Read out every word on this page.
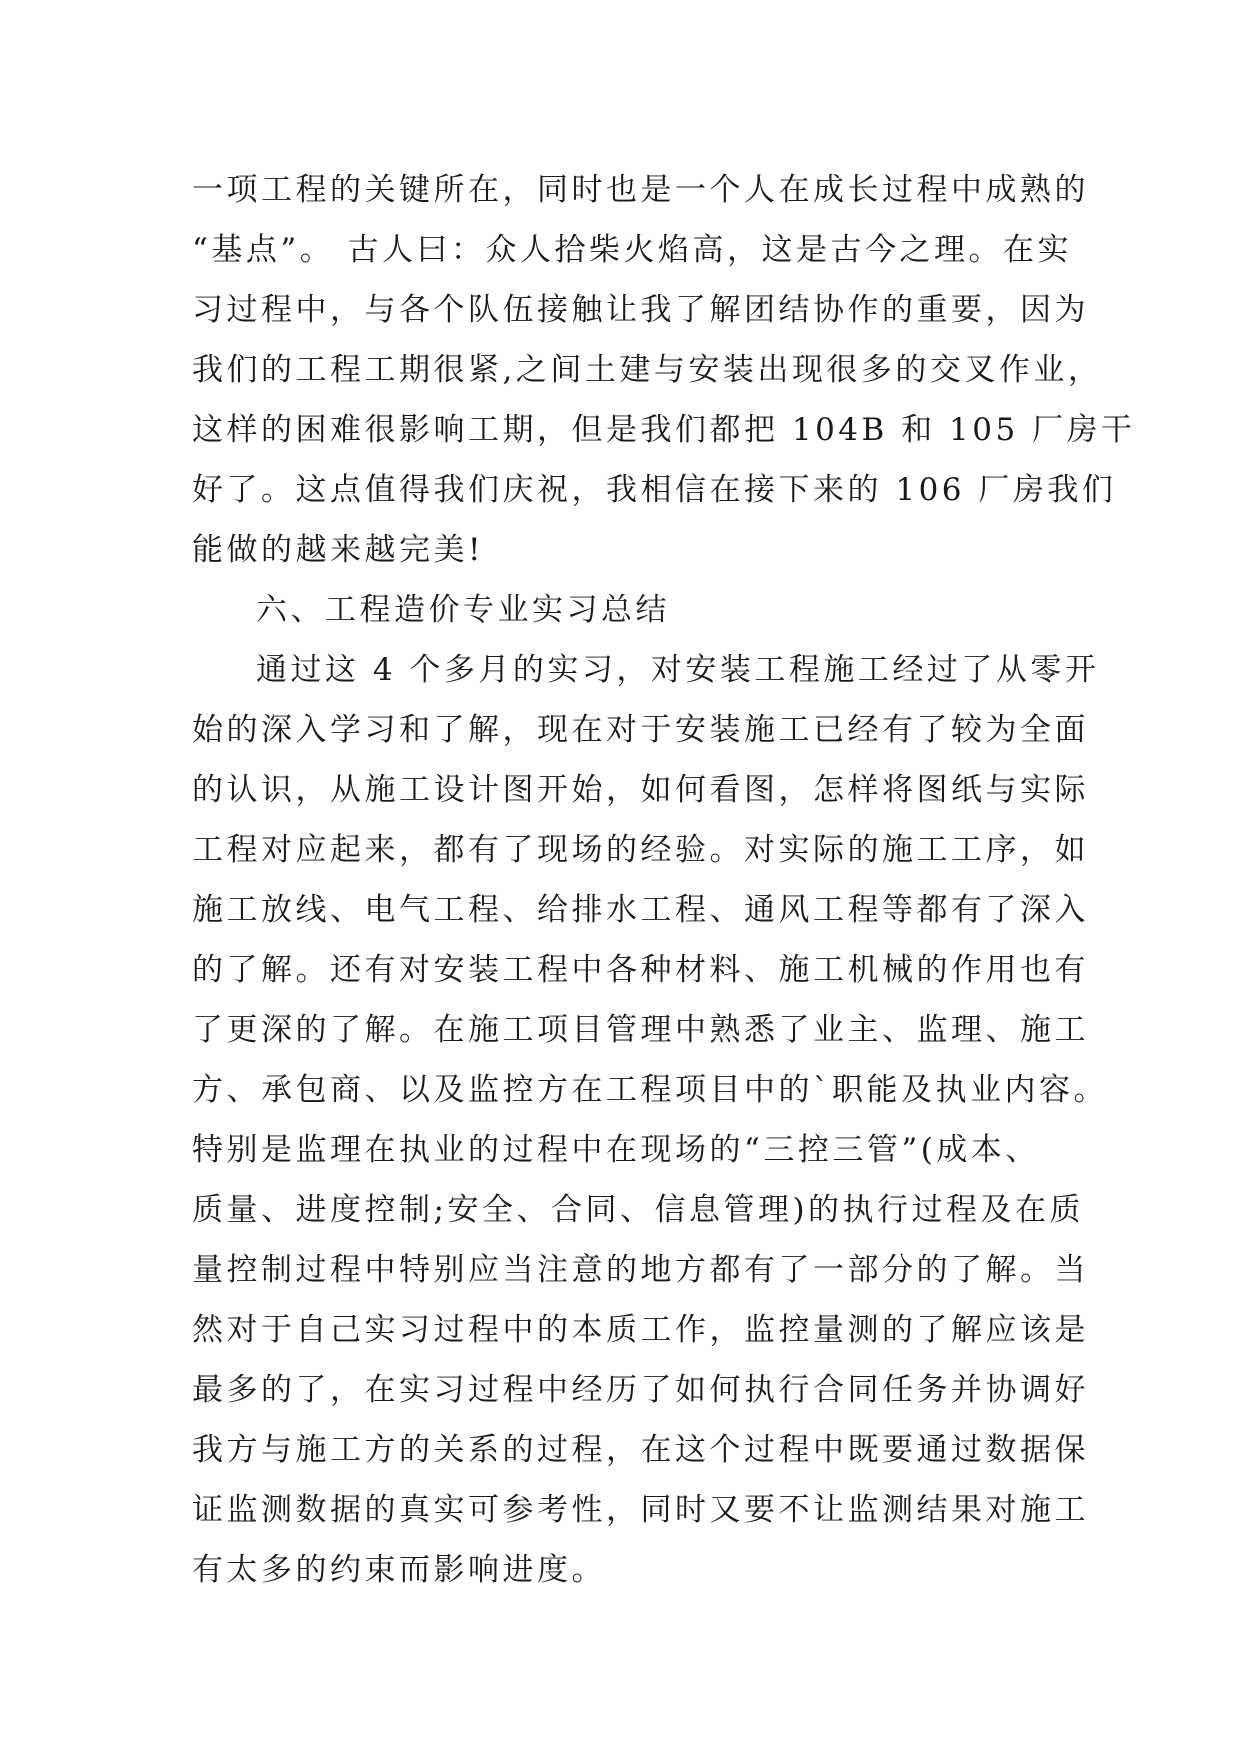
一项工程的关键所在，同时也是一个人在成长过程中成熟的
“基点”。 古人曰：众人拾柴火焰高，这是古今之理。在实
习过程中，与各个队伍接触让我了解团结协作的重要，因为
我们的工程工期很紧,之间土建与安装出现很多的交叉作业，
这样的困难很影响工期，但是我们都把 104B 和 105 厂房干
好了。这点值得我们庆祝，我相信在接下来的 106 厂房我们
能做的越来越完美!
六、工程造价专业实习总结
通过这 4 个多月的实习，对安装工程施工经过了从零开
始的深入学习和了解，现在对于安装施工已经有了较为全面
的认识，从施工设计图开始，如何看图，怎样将图纸与实际
工程对应起来，都有了现场的经验。对实际的施工工序，如
施工放线、电气工程、给排水工程、通风工程等都有了深入
的了解。还有对安装工程中各种材料、施工机械的作用也有
了更深的了解。在施工项目管理中熟悉了业主、监理、施工
方、承包商、以及监控方在工程项目中的`职能及执业内容。
特别是监理在执业的过程中在现场的“三控三管”(成本、
质量、进度控制;安全、合同、信息管理)的执行过程及在质
量控制过程中特别应当注意的地方都有了一部分的了解。当
然对于自己实习过程中的本质工作，监控量测的了解应该是
最多的了，在实习过程中经历了如何执行合同任务并协调好
我方与施工方的关系的过程，在这个过程中既要通过数据保
证监测数据的真实可参考性，同时又要不让监测结果对施工
有太多的约束而影响进度。
